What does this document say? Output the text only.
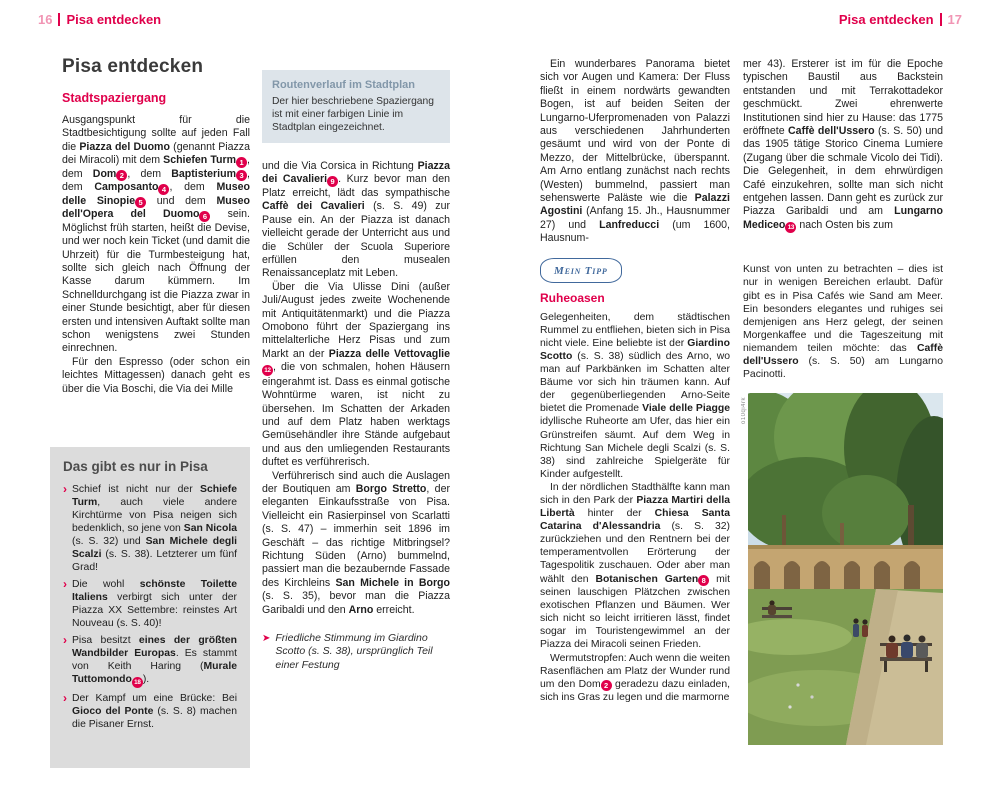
16 Pisa entdecken	Pisa entdecken 17
Pisa entdecken
Stadtspaziergang

Ausgangspunkt für die Stadtbesichtigung sollte auf jeden Fall die Piazza del Duomo (genannt Piazza dei Miracoli) mit dem Schiefen Turm 1 , dem Dom 2 , dem Baptisterium 3 , dem Camposanto 4 , dem Museo delle Sinopie 5 und dem Museo dell'Opera del Duomo 6 sein. Möglichst früh starten, heißt die Devise, und wer noch kein Ticket (und damit die Uhrzeit) für die Turmbesteigung hat, sollte sich gleich nach Öffnung der Kasse darum kümmern. Im Schnelldurchgang ist die Piazza zwar in einer Stunde besichtigt, aber für diesen ersten und intensiven Auftakt sollte man schon wenigstens zwei Stunden einrechnen.

Für den Espresso (oder schon ein leichtes Mittagessen) danach geht es über die Via Boschi, die Via dei Mille

Das gibt es nur in Pisa
› Schief ist nicht nur der Schiefe Turm, auch viele andere Kirchtürme von Pisa neigen sich bedenklich, so jene von San Nicola (s. S. 32) und San Michele degli Scalzi (s. S. 38). Letzterer um fünf Grad!
› Die wohl schönste Toilette Italiens verbirgt sich unter der Piazza XX Settembre: reinstes Art Nouveau (s. S. 40)!
› Pisa besitzt eines der größten Wandbilder Europas. Es stammt von Keith Haring (Murale Tuttomondo 18 ).
› Der Kampf um eine Brücke: Bei Gioco del Ponte (s. S. 8) machen die Pisaner Ernst.
Routenverlauf im Stadtplan
Der hier beschriebene Spaziergang ist mit einer farbigen Linie im Stadtplan eingezeichnet.

und die Via Corsica in Richtung Piazza dei Cavalieri 9 . Kurz bevor man den Platz erreicht, lädt das sympathische Caffè dei Cavalieri (s. S. 49) zur Pause ein. An der Piazza ist danach vielleicht gerade der Unterricht aus und die Schüler der Scuola Superiore erfüllen den musealen Renaissanceplatz mit Leben.

Über die Via Ulisse Dini (außer Juli/August jedes zweite Wochenende mit Antiquitätenmarkt) und die Piazza Omobono führt der Spaziergang ins mittelalterliche Herz Pisas und zum Markt an der Piazza delle Vettovaglie12 , die von schmalen, hohen Häusern eingerahmt ist. Dass es einmal gotische Wohntürme waren, ist nicht zu übersehen. Im Schatten der Arkaden und auf dem Platz haben werktags Gemüsehändler ihre Stände aufgebaut und aus den umliegenden Restaurants duftet es verführerisch.

Verführerisch sind auch die Auslagen der Boutiquen am Borgo Stretto, der eleganten Einkaufsstraße von Pisa. Vielleicht ein Rasierpinsel von Scarlatti (s. S. 47) – immerhin seit 1896 im Geschäft – das richtige Mitbringsel? Richtung Süden (Arno) bummelnd, passiert man die bezaubernde Fassade des Kirchleins San Michele in Borgo (s. S. 35), bevor man die Piazza Garibaldi und den Arno erreicht.

➤ Friedliche Stimmung im Giardino Scotto (s. S. 38), ursprünglich Teil einer Festung

Ein wunderbares Panorama bietet sich vor Augen und Kamera: Der Fluss fließt in einem nordwärts gewandten Bogen, ist auf beiden Seiten der Lungarno-Uferpromenaden von Palazzi aus verschiedenen Jahrhunderten gesäumt und wird von der Ponte di Mezzo, der Mittelbrücke, überspannt. Am Arno entlang zunächst nach rechts (Westen) bummelnd, passiert man sehenswerte Paläste wie die Palazzi Agostini (Anfang 15. Jh., Hausnummer 27) und Lanfreducci (um 1600, Hausnum-

Mein Tipp
Ruheoasen

Gelegenheiten, dem städtischen Rummel zu entfliehen, bieten sich in Pisa nicht viele. Eine beliebte ist der Giardino Scotto (s. S. 38) südlich des Arno, wo man auf Parkbänken im Schatten alter Bäume vor sich hin träumen kann. Auf der gegenüberliegenden Arno-Seite bietet die Promenade Viale delle Piagge idyllische Ruheorte am Ufer, das hier ein Grünstreifen säumt. Auf dem Weg in Richtung San Michele degli Scalzi (s. S. 38) sind zahlreiche Spielgeräte für Kinder aufgestellt.

In der nördlichen Stadthälfte kann man sich in den Park der Piazza Martiri della Libertà hinter der Chiesa Santa Catarina d'Alessandria (s. S. 32) zurückziehen und den Rentnern bei der temperamentvollen Erörterung der Tagespolitik zuschauen. Oder aber man wählt den Botanischen Garten 8 mit seinen lauschigen Plätzchen zwischen exotischen Pflanzen und Bäumen. Wer sich nicht so leicht irritieren lässt, findet sogar im Touristengewimmel an der Piazza dei Miracoli seinen Frieden.

Wermutstropfen: Auch wenn die weiten Rasenflächen am Platz der Wunder rund um den Dom 2 geradezu dazu einladen, sich ins Gras zu legen und die marmorne

mer 43). Ersterer ist im für die Epoche typischen Baustil aus Backstein entstanden und mit Terrakottadekor geschmückt. Zwei ehrenwerte Institutionen sind hier zu Hause: das 1775 eröffnete Caffè dell'Ussero (s. S. 50) und das 1905 tätige Storico Cinema Lumiere (Zugang über die schmale Vicolo dei Tidi). Die Gelegenheit, in dem ehrwürdigen Café einzukehren, sollte man sich nicht entgehen lassen. Dann geht es zurück zur Piazza Garibaldi und am Lungarno Mediceo 13 nach Osten bis zum

Kunst von unten zu betrachten – dies ist nur in wenigen Bereichen erlaubt. Dafür gibt es in Pisa Cafés wie Sand am Meer. Ein besonders elegantes und ruhiges sei demjenigen ans Herz gelegt, der seinen Morgenkaffee und die Tageszeitung mit niemandem teilen möchte: das Caffè dell'Ussero (s. S. 50) am Lungarno Pacinotti.

o10qi4rk
